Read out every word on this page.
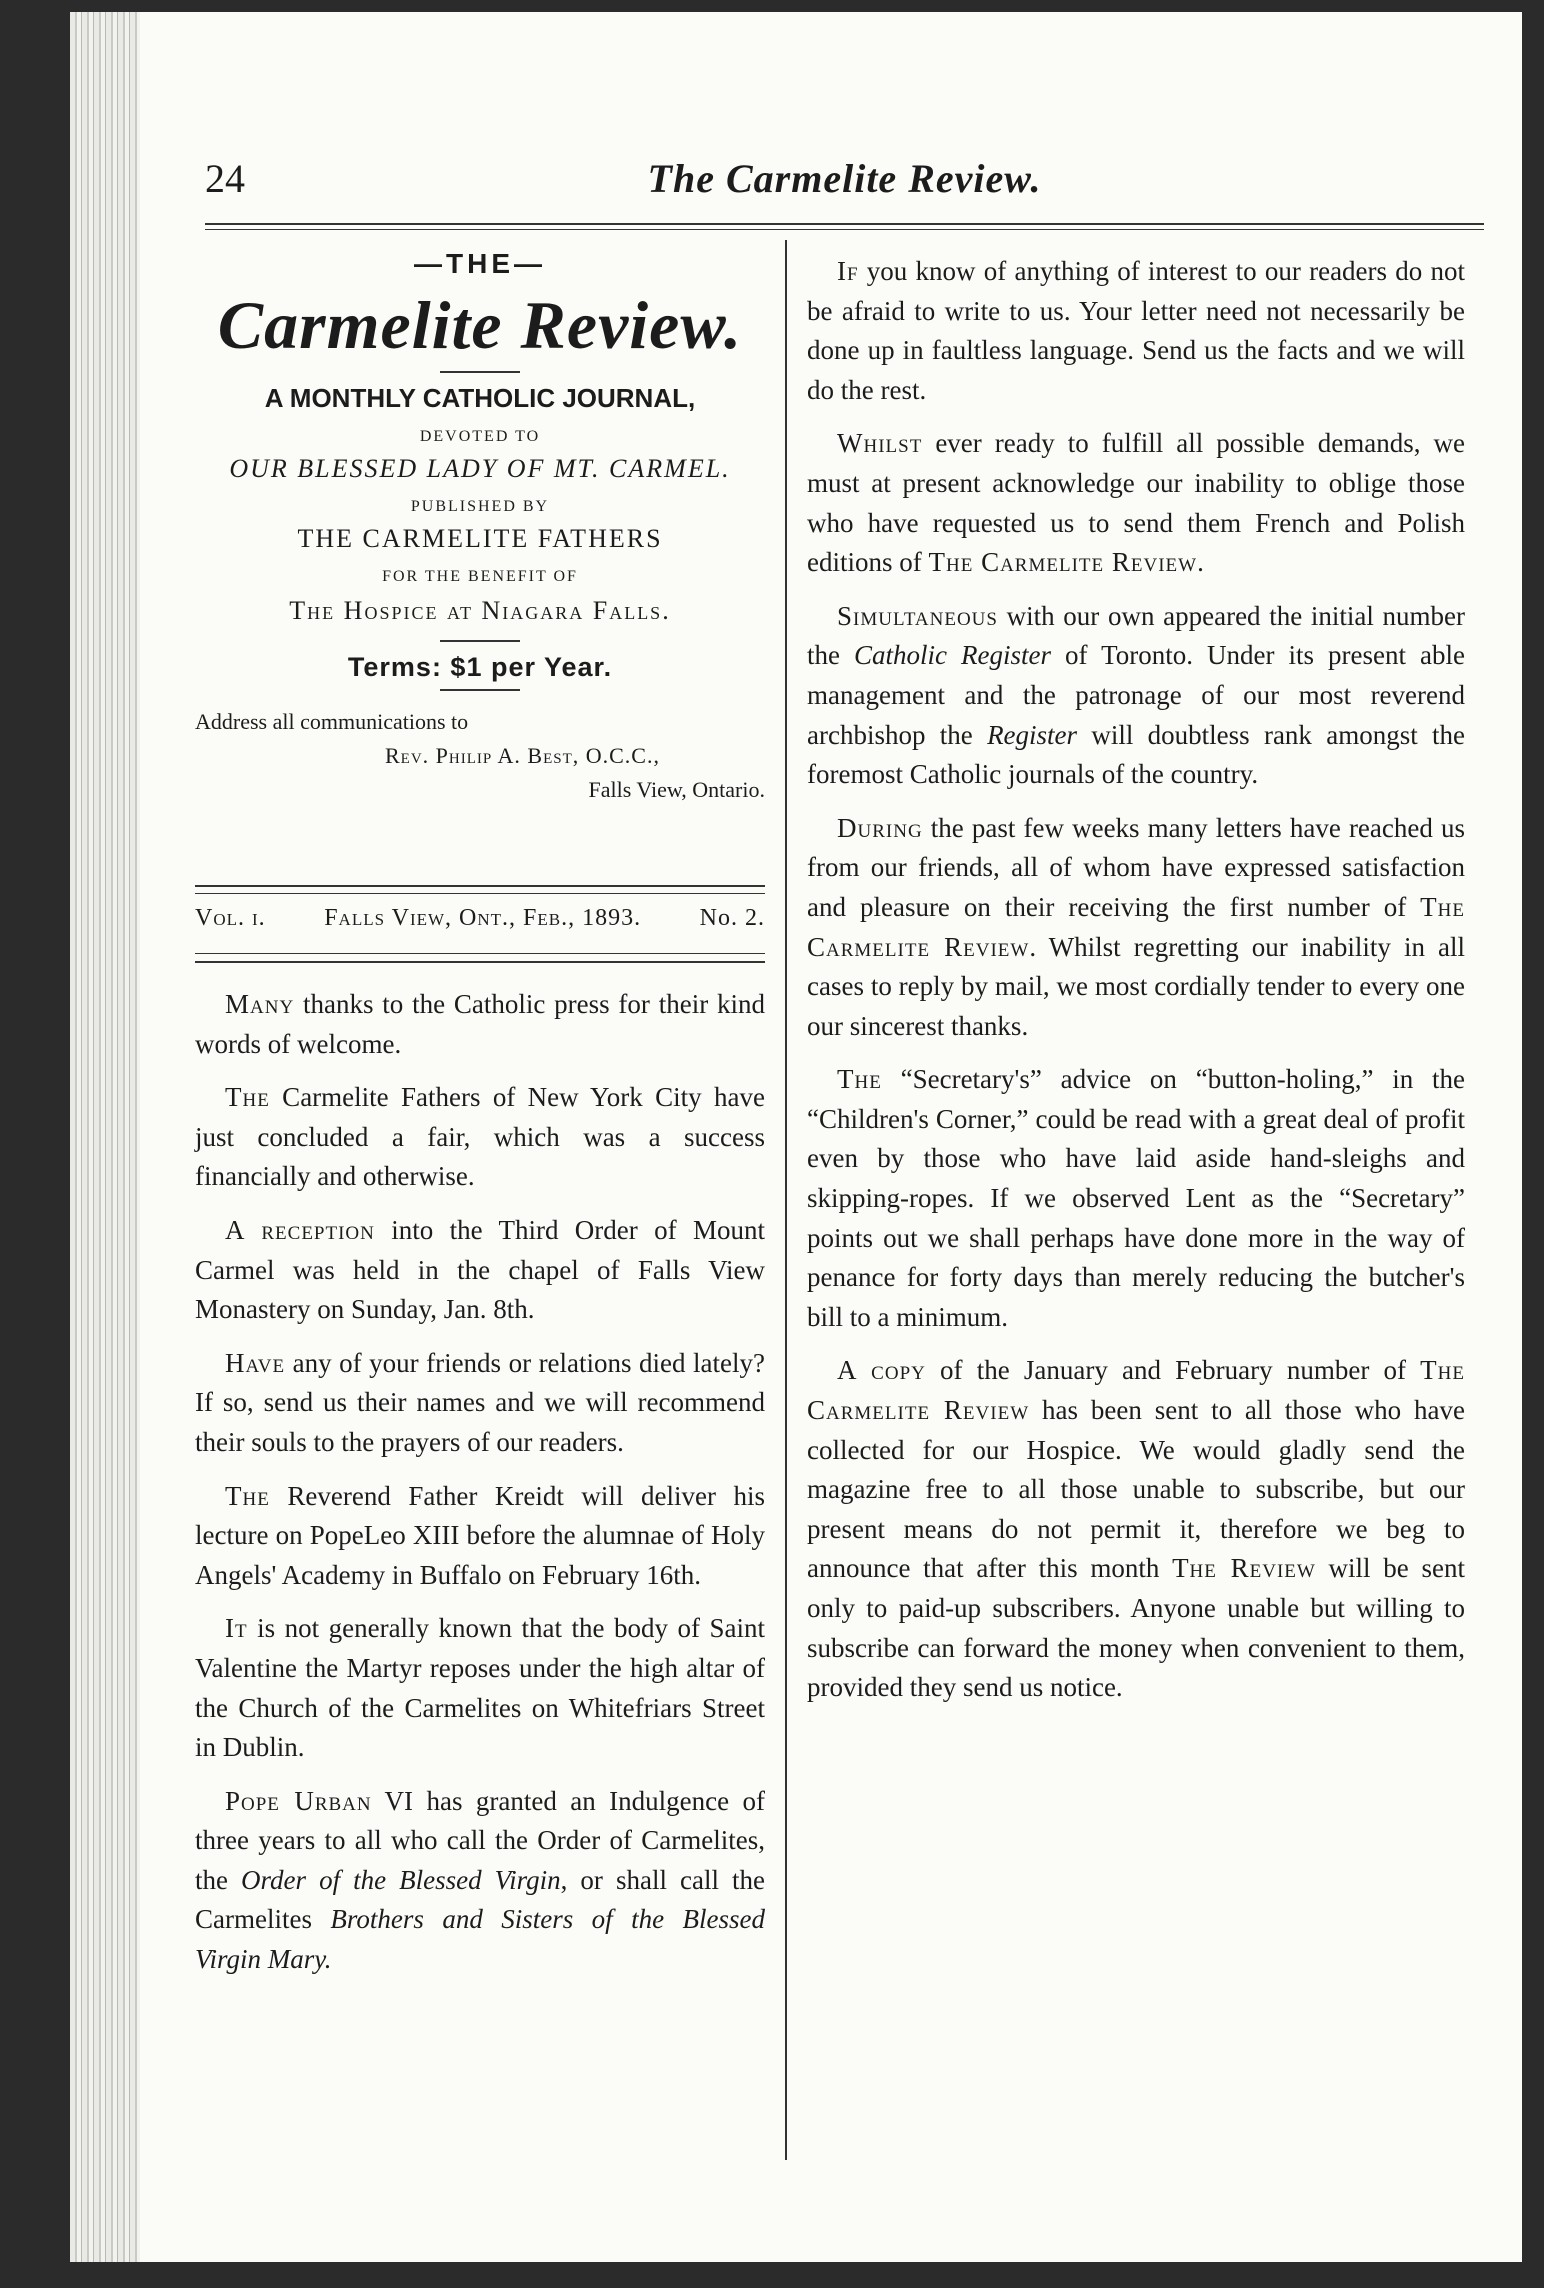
24	The Carmelite Review.
—THE—
Carmelite Review.
A MONTHLY CATHOLIC JOURNAL,
DEVOTED TO
OUR BLESSED LADY OF MT. CARMEL.
PUBLISHED BY
THE CARMELITE FATHERS
FOR THE BENEFIT OF
The Hospice at Niagara Falls.
Terms: $1 per Year.
Address all communications to
Rev. Philip A. Best, O.C.C.,
Falls View, Ontario.
Vol. i. Falls View, Ont., Feb., 1893. No. 2.

Many thanks to the Catholic press for their kind words of welcome.

The Carmelite Fathers of New York City have just concluded a fair, which was a success financially and otherwise.

A reception into the Third Order of Mount Carmel was held in the chapel of Falls View Monastery on Sunday, Jan. 8th.

Have any of your friends or relations died lately? If so, send us their names and we will recommend their souls to the prayers of our readers.

The Reverend Father Kreidt will deliver his lecture on PopeLeo XIII before the alumnae of Holy Angels' Academy in Buffalo on February 16th.

It is not generally known that the body of Saint Valentine the Martyr reposes under the high altar of the Church of the Carmelites on Whitefriars Street in Dublin.

Pope Urban VI has granted an Indulgence of three years to all who call the Order of Carmelites, the Order of the Blessed Virgin, or shall call the Carmelites Brothers and Sisters of the Blessed Virgin Mary.

If you know of anything of interest to our readers do not be afraid to write to us. Your letter need not necessarily be done up in faultless language. Send us the facts and we will do the rest.

Whilst ever ready to fulfill all possible demands, we must at present acknowledge our inability to oblige those who have requested us to send them French and Polish editions of The Carmelite Review.

Simultaneous with our own appeared the initial number the Catholic Register of Toronto. Under its present able management and the patronage of our most reverend archbishop the Register will doubtless rank amongst the foremost Catholic journals of the country.

During the past few weeks many letters have reached us from our friends, all of whom have expressed satisfaction and pleasure on their receiving the first number of The Carmelite Review. Whilst regretting our inability in all cases to reply by mail, we most cordially tender to every one our sincerest thanks.

The “Secretary's” advice on “button-holing,” in the “Children's Corner,” could be read with a great deal of profit even by those who have laid aside hand-sleighs and skipping-ropes. If we observed Lent as the “Secretary” points out we shall perhaps have done more in the way of penance for forty days than merely reducing the butcher's bill to a minimum.

A copy of the January and February number of The Carmelite Review has been sent to all those who have collected for our Hospice. We would gladly send the magazine free to all those unable to subscribe, but our present means do not permit it, therefore we beg to announce that after this month The Review will be sent only to paid-up subscribers. Anyone unable but willing to subscribe can forward the money when convenient to them, provided they send us notice.
